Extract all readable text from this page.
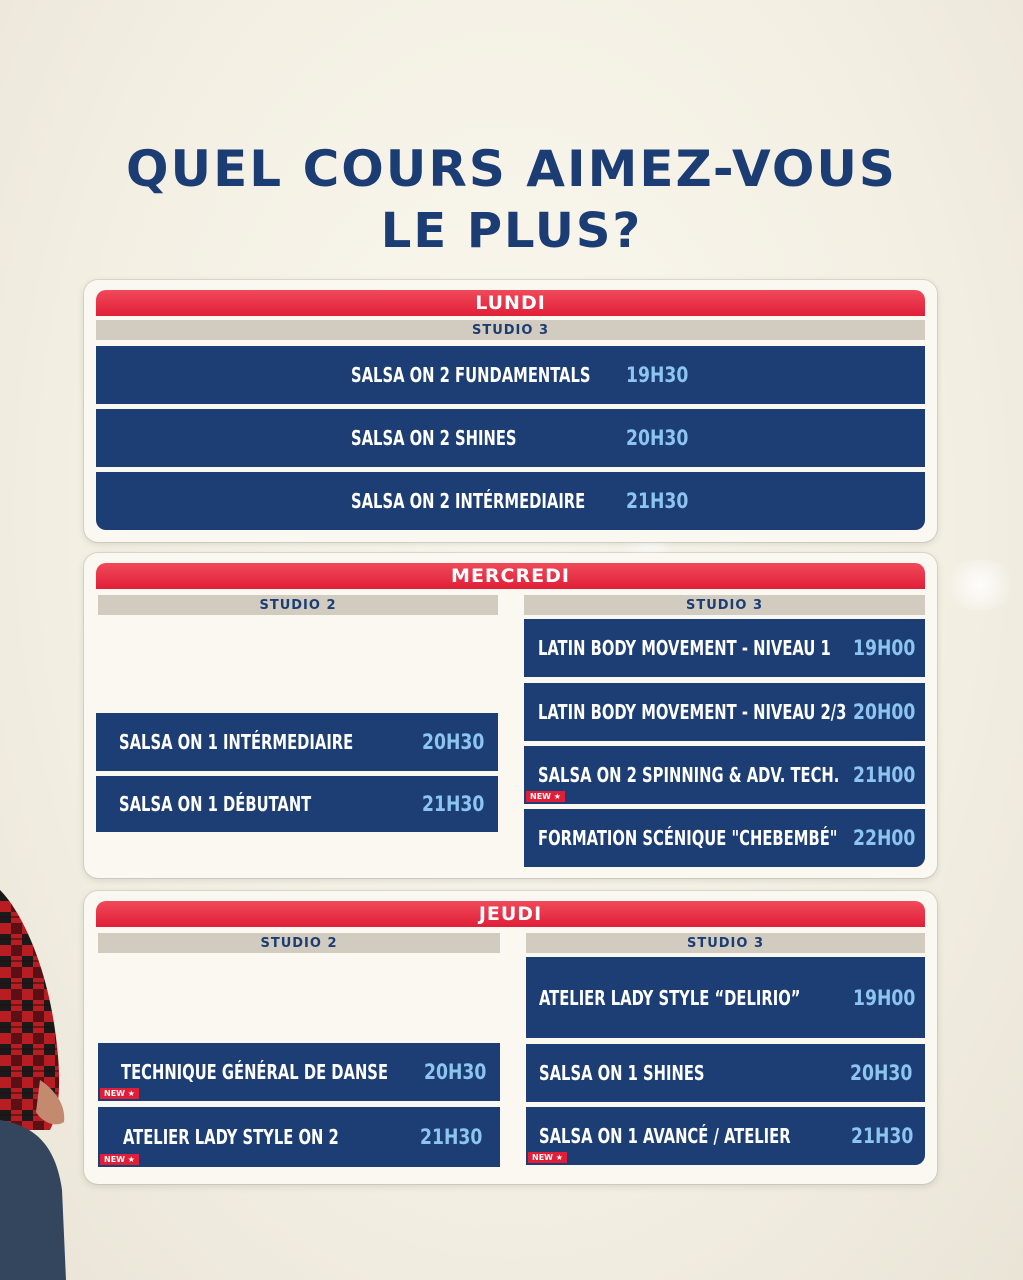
QUEL COURS AIMEZ-VOUS
LE PLUS?
LUNDI
STUDIO 3
SALSA ON 2 FUNDAMENTALS 19H30
SALSA ON 2 SHINES	20H30
SALSA ON 2 INTÉRMEDIAIRE 21H30
MERCREDI
STUDIO 2	STUDIO 3
SALSA ON 1 INTÉRMEDIAIRE	20H30
SALSA ON 1 DÉBUTANT	21H30
LATIN BODY MOVEMENT - NIVEAU 1 19H00
LATIN BODY MOVEMENT - NIVEAU 2/3 20H00
SALSA ON 2 SPINNING & ADV. TECH. 21H00
NEW ★
FORMATION SCÉNIQUE "CHEBEMBÉ" 22H00
JEUDI
STUDIO 2	STUDIO 3
TECHNIQUE GÉNÉRAL DE DANSE 20H30
NEW ★
ATELIER LADY STYLE ON 2	21H30
NEW ★
ATELIER LADY STYLE “DELIRIO”	19H00
SALSA ON 1 SHINES	20H30
SALSA ON 1 AVANCÉ / ATELIER	21H30
NEW ★
